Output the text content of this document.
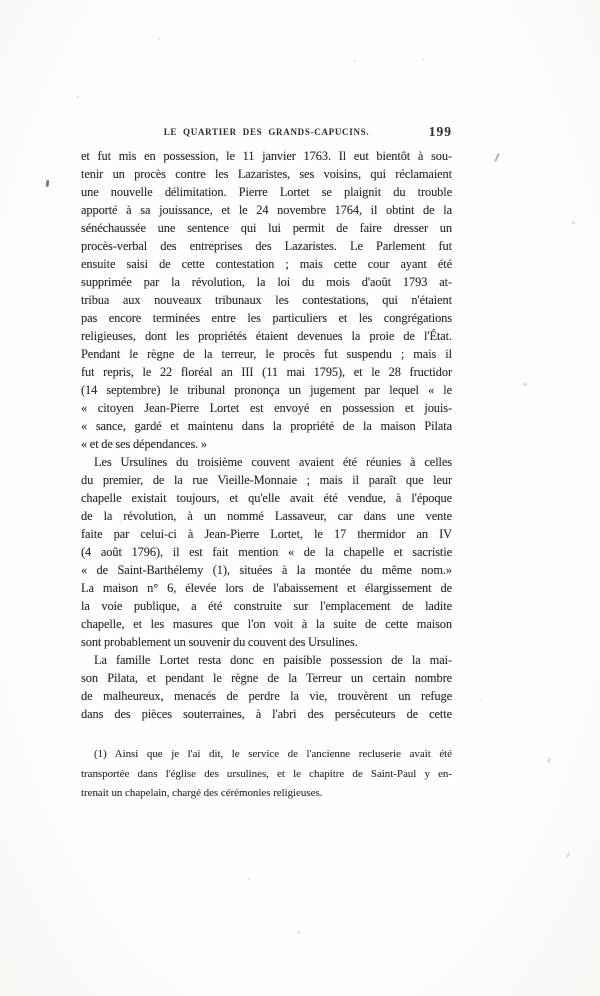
LE QUARTIER DES GRANDS-CAPUCINS.	199
et fut mis en possession, le 11 janvier 1763. Il eut bientôt à sou-
tenir un procès contre les Lazaristes, ses voisins, qui réclamaient
une nouvelle délimitation. Pierre Lortet se plaignit du trouble
apporté à sa jouissance, et le 24 novembre 1764, il obtint de la
sénéchaussée une sentence qui lui permit de faire dresser un
procès-verbal des entreprises des Lazaristes. Le Parlement fut
ensuite saisi de cette contestation ; mais cette cour ayant été
supprimée par la révolution, la loi du mois d'août 1793 at-
tribua aux nouveaux tribunaux les contestations, qui n'étaient
pas encore terminées entre les particuliers et les congrégations
religieuses, dont les propriétés étaient devenues la proie de l'État.
Pendant le règne de la terreur, le procès fut suspendu ; mais il
fut repris, le 22 floréal an III (11 mai 1795), et le 28 fructidor
(14 septembre) le tribunal prononça un jugement par lequel « le
« citoyen Jean-Pierre Lortet est envoyé en possession et jouis-
« sance, gardé et maintenu dans la propriété de la maison Pilata
« et de ses dépendances. »
Les Ursulines du troisième couvent avaient été réunies à celles
du premier, de la rue Vieille-Monnaie ; mais il paraît que leur
chapelle existait toujours, et qu'elle avait été vendue, à l'époque
de la révolution, à un nommé Lassaveur, car dans une vente
faite par celui-ci à Jean-Pierre Lortet, le 17 thermidor an IV
(4 août 1796), il est fait mention « de la chapelle et sacristie
« de Saint-Barthélemy (1), situées à la montée du même nom.»
La maison n° 6, élevée lors de l'abaissement et élargissement de
la voie publique, a été construite sur l'emplacement de ladite
chapelle, et les masures que l'on voit à la suite de cette maison
sont probablement un souvenir du couvent des Ursulines.
La famille Lortet resta donc en paisible possession de la mai-
son Pilata, et pendant le règne de la Terreur un certain nombre
de malheureux, menacés de perdre la vie, trouvèrent un refuge
dans des pièces souterraines, à l'abri des persécuteurs de cette
(1) Ainsi que je l'ai dit, le service de l'ancienne recluserie avait été
transportée dans l'église des ursulines, et le chapitre de Saint-Paul y en-
trenait un chapelain, chargé des cérémonies religieuses.
